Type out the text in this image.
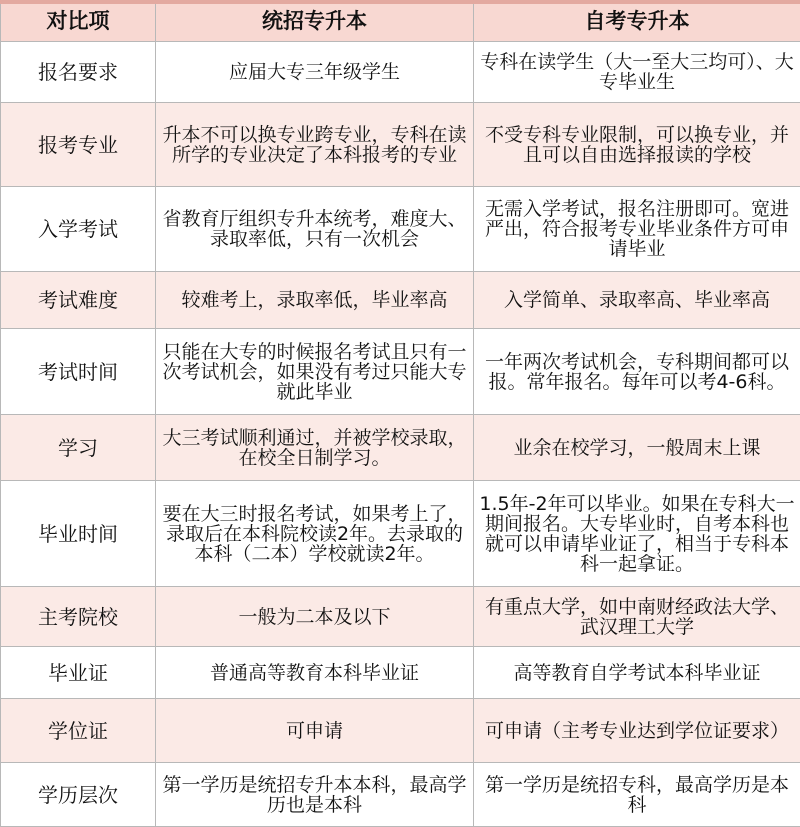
对比项	统招专升本	自考专升本
报名要求	应届大专三年级学生	专科在读学生（大一至大三均可）、大专毕业生
报考专业	升本不可以换专业跨专业，专科在读所学的专业决定了本科报考的专业	不受专科专业限制，可以换专业，并且可以自由选择报读的学校
入学考试	省教育厅组织专升本统考，难度大、录取率低，只有一次机会	无需入学考试，报名注册即可。宽进严出，符合报考专业毕业条件方可申请毕业
考试难度	较难考上，录取率低，毕业率高	入学简单、录取率高、毕业率高
考试时间	只能在大专的时候报名考试且只有一次考试机会，如果没有考过只能大专就此毕业	一年两次考试机会，专科期间都可以报。常年报名。每年可以考4-6科。
学习	大三考试顺利通过，并被学校录取，在校全日制学习。	业余在校学习，一般周末上课
毕业时间	要在大三时报名考试，如果考上了，录取后在本科院校读2年。去录取的本科（二本）学校就读2年。	1.5年-2年可以毕业。如果在专科大一期间报名。大专毕业时，自考本科也就可以申请毕业证了，相当于专科本科一起拿证。
主考院校	一般为二本及以下	有重点大学，如中南财经政法大学、武汉理工大学
毕业证	普通高等教育本科毕业证	高等教育自学考试本科毕业证
学位证	可申请	可申请（主考专业达到学位证要求）
学历层次	第一学历是统招专升本本科，最高学历也是本科	第一学历是统招专科，最高学历是本科
